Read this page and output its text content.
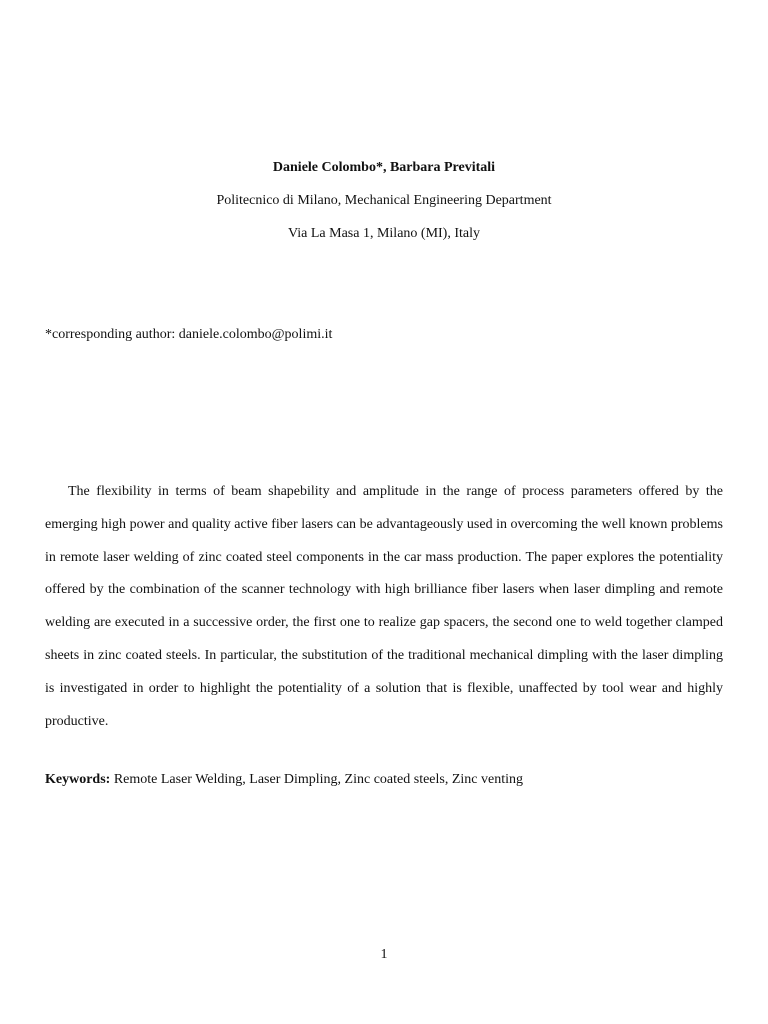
Daniele Colombo*, Barbara Previtali
Politecnico di Milano, Mechanical Engineering Department
Via La Masa 1, Milano (MI), Italy
*corresponding author: daniele.colombo@polimi.it

The flexibility in terms of beam shapebility and amplitude in the range of process parameters offered by the emerging high power and quality active fiber lasers can be advantageously used in overcoming the well known problems in remote laser welding of zinc coated steel components in the car mass production. The paper explores the potentiality offered by the combination of the scanner technology with high brilliance fiber lasers when laser dimpling and remote welding are executed in a successive order, the first one to realize gap spacers, the second one to weld together clamped sheets in zinc coated steels. In particular, the substitution of the traditional mechanical dimpling with the laser dimpling is investigated in order to highlight the potentiality of a solution that is flexible, unaffected by tool wear and highly productive.

Keywords: Remote Laser Welding, Laser Dimpling, Zinc coated steels, Zinc venting
1
